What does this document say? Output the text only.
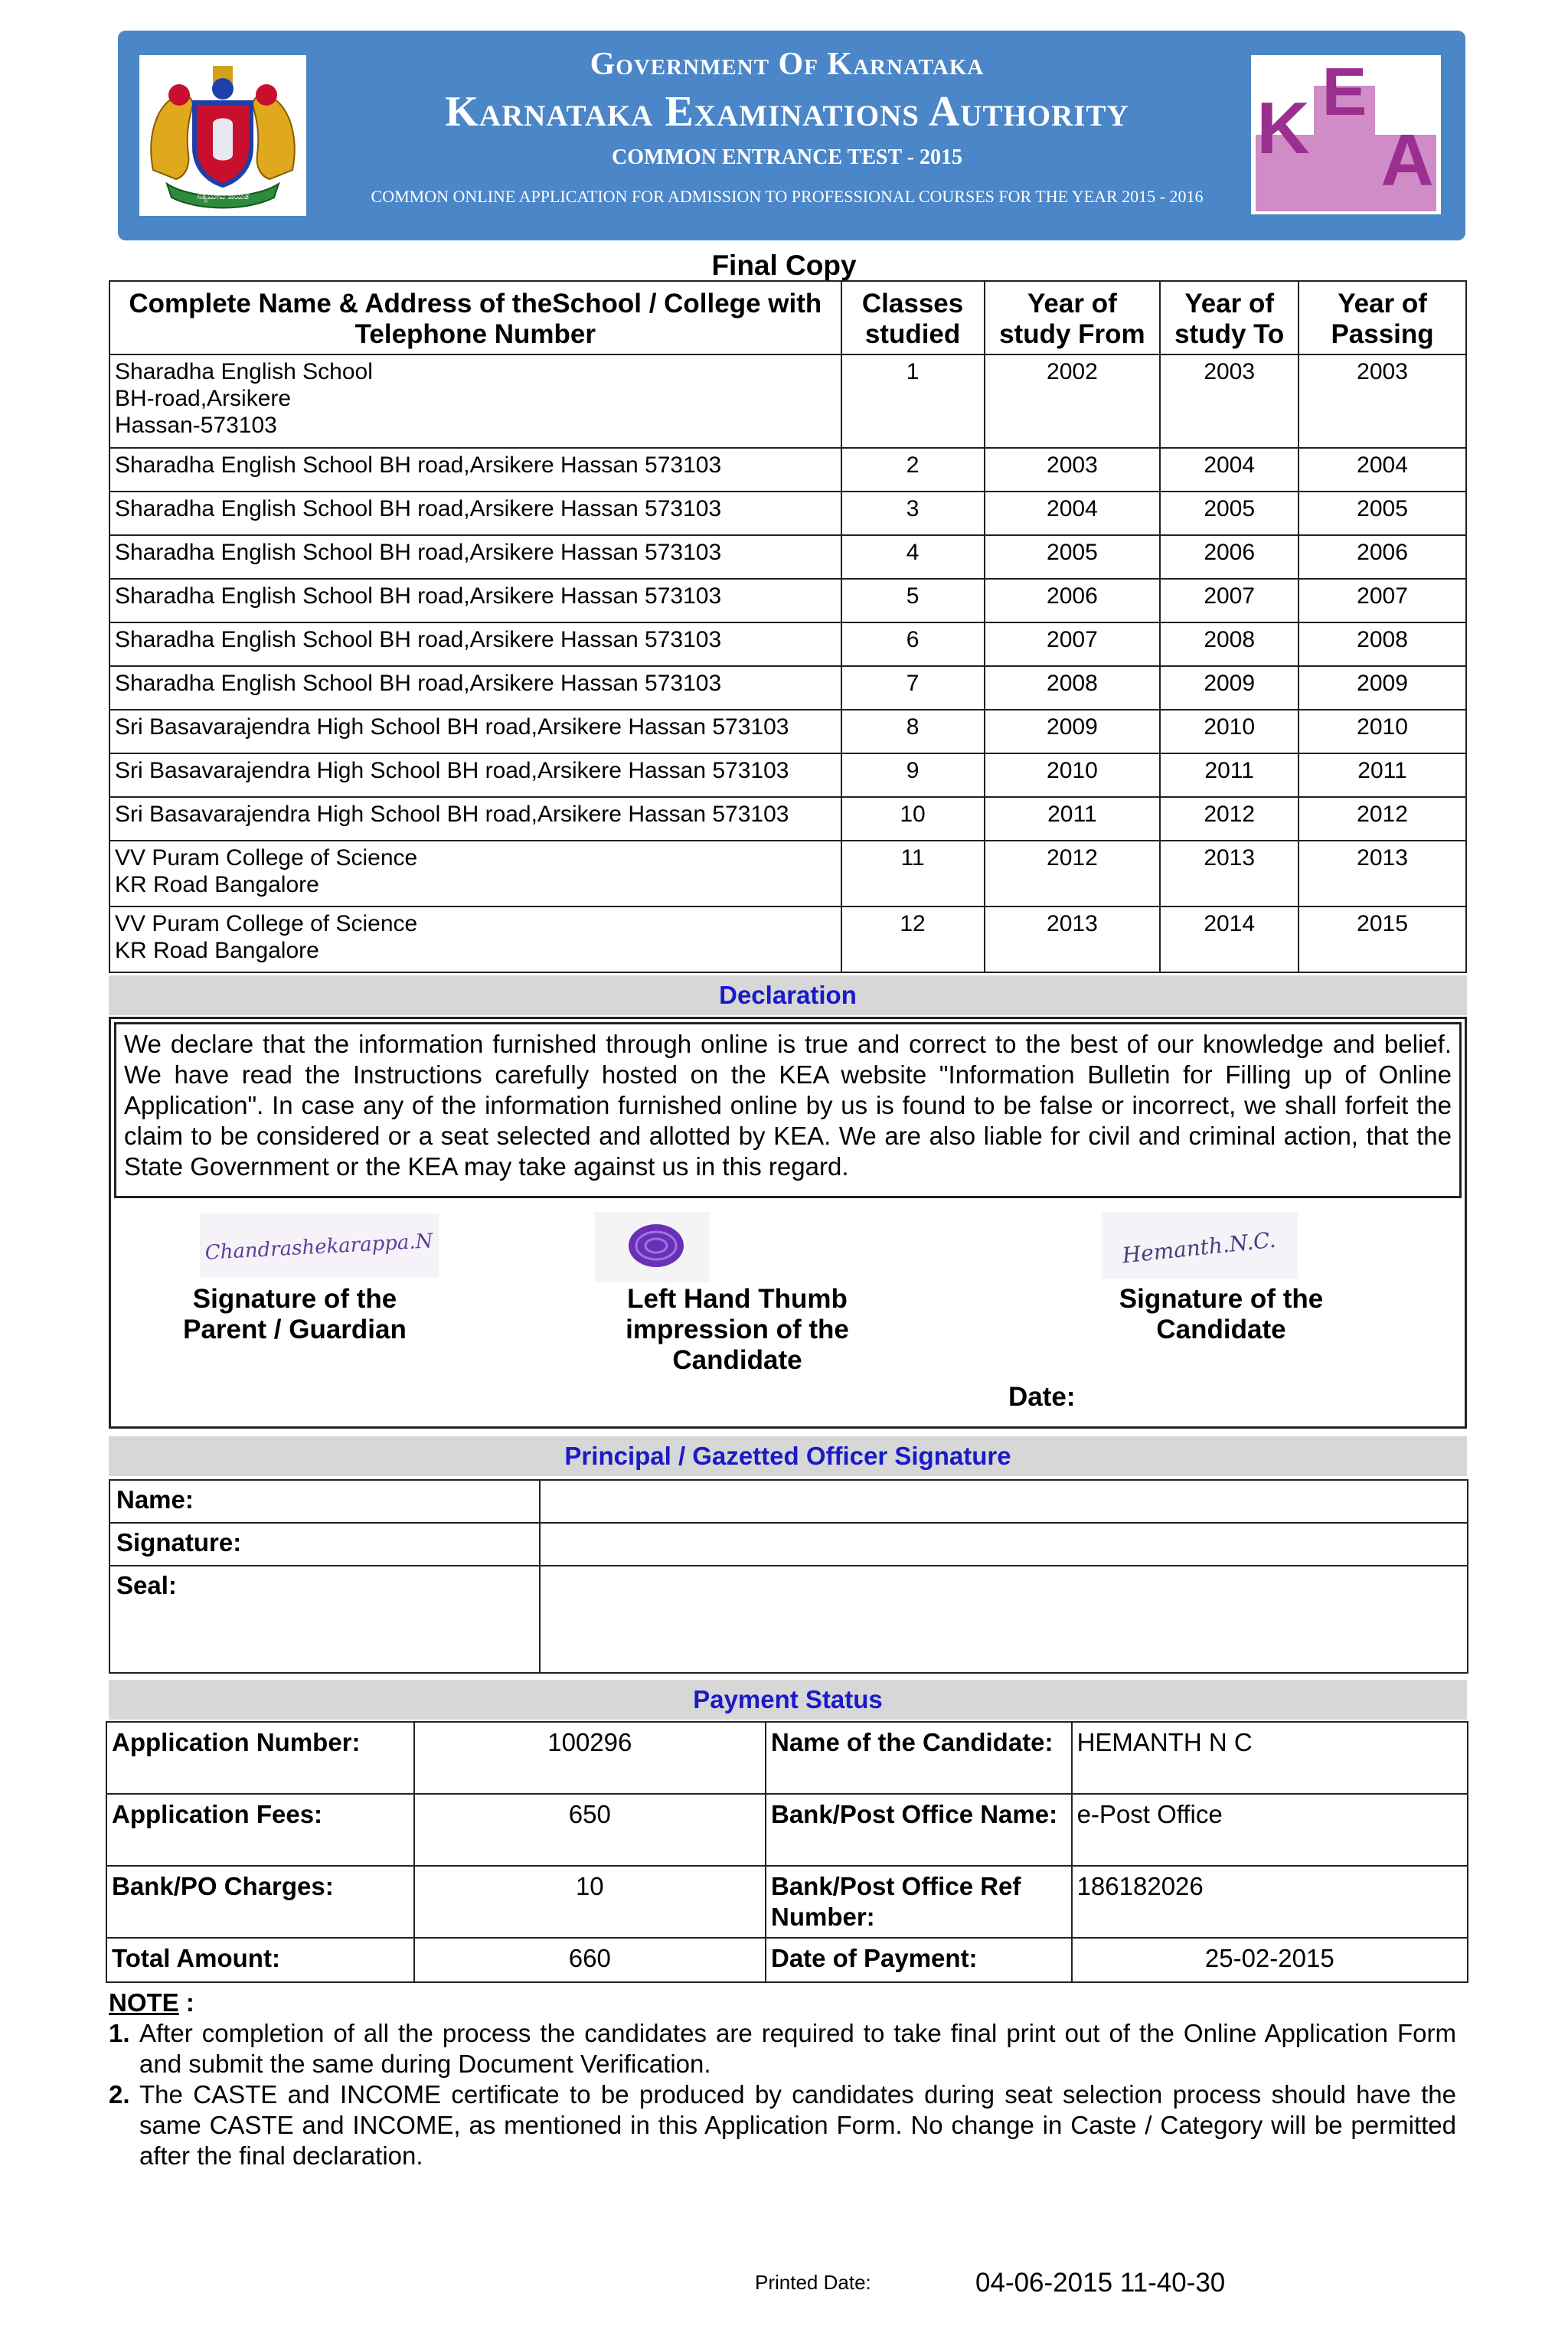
ಸತ್ಯಮೇವ ಜಯತೆ
Government Of Karnataka
Karnataka Examinations Authority
COMMON ENTRANCE TEST - 2015
COMMON ONLINE APPLICATION FOR ADMISSION TO PROFESSIONAL COURSES FOR THE YEAR 2015 - 2016
K E
A
Final Copy
Complete Name & Address of theSchool / College with Telephone Number	Classes studied	Year of study From	Year of study To	Year of Passing

Sharadha English School
BH-road,Arsikere
Hassan-573103	1	2002	2003	2003
Sharadha English School BH road,Arsikere Hassan 573103	2	2003	2004	2004
Sharadha English School BH road,Arsikere Hassan 573103	3	2004	2005	2005
Sharadha English School BH road,Arsikere Hassan 573103	4	2005	2006	2006
Sharadha English School BH road,Arsikere Hassan 573103	5	2006	2007	2007
Sharadha English School BH road,Arsikere Hassan 573103	6	2007	2008	2008
Sharadha English School BH road,Arsikere Hassan 573103	7	2008	2009	2009
Sri Basavarajendra High School BH road,Arsikere Hassan 573103	8	2009	2010	2010
Sri Basavarajendra High School BH road,Arsikere Hassan 573103	9	2010	2011	2011
Sri Basavarajendra High School BH road,Arsikere Hassan 573103	10	2011	2012	2012

VV Puram College of Science
KR Road Bangalore	11	2012	2013	2013

VV Puram College of Science
KR Road Bangalore	12	2013	2014	2015
Declaration
We declare that the information furnished through online is true and correct to the best of our knowledge and belief. We have read the Instructions carefully hosted on the KEA website "Information Bulletin for Filling up of Online Application". In case any of the information furnished online by us is found to be false or incorrect, we shall forfeit the claim to be considered or a seat selected and allotted by KEA. We are also liable for civil and criminal action, that the State Government or the KEA may take against us in this regard.
Chandrashekarappa.N	Hemanth.N.C.
Signature of the
Parent / Guardian
Left Hand Thumb
impression of the
Candidate
Signature of the
Candidate
Date:
Principal / Gazetted Officer Signature
Name:	
Signature:	
Seal:	
Payment Status
Application Number:	100296	Name of the Candidate:	HEMANTH N C
Application Fees:	650	Bank/Post Office Name:	e-Post Office
Bank/PO Charges:	10	Bank/Post Office Ref Number:	186182026
Total Amount:	660	Date of Payment:	25-02-2015
NOTE :
1. After completion of all the process the candidates are required to take final print out of the Online Application Form and submit the same during Document Verification.
2. The CASTE and INCOME certificate to be produced by candidates during seat selection process should have the same CASTE and INCOME, as mentioned in this Application Form. No change in Caste / Category will be permitted after the final declaration.
Printed Date:	04-06-2015 11-40-30
